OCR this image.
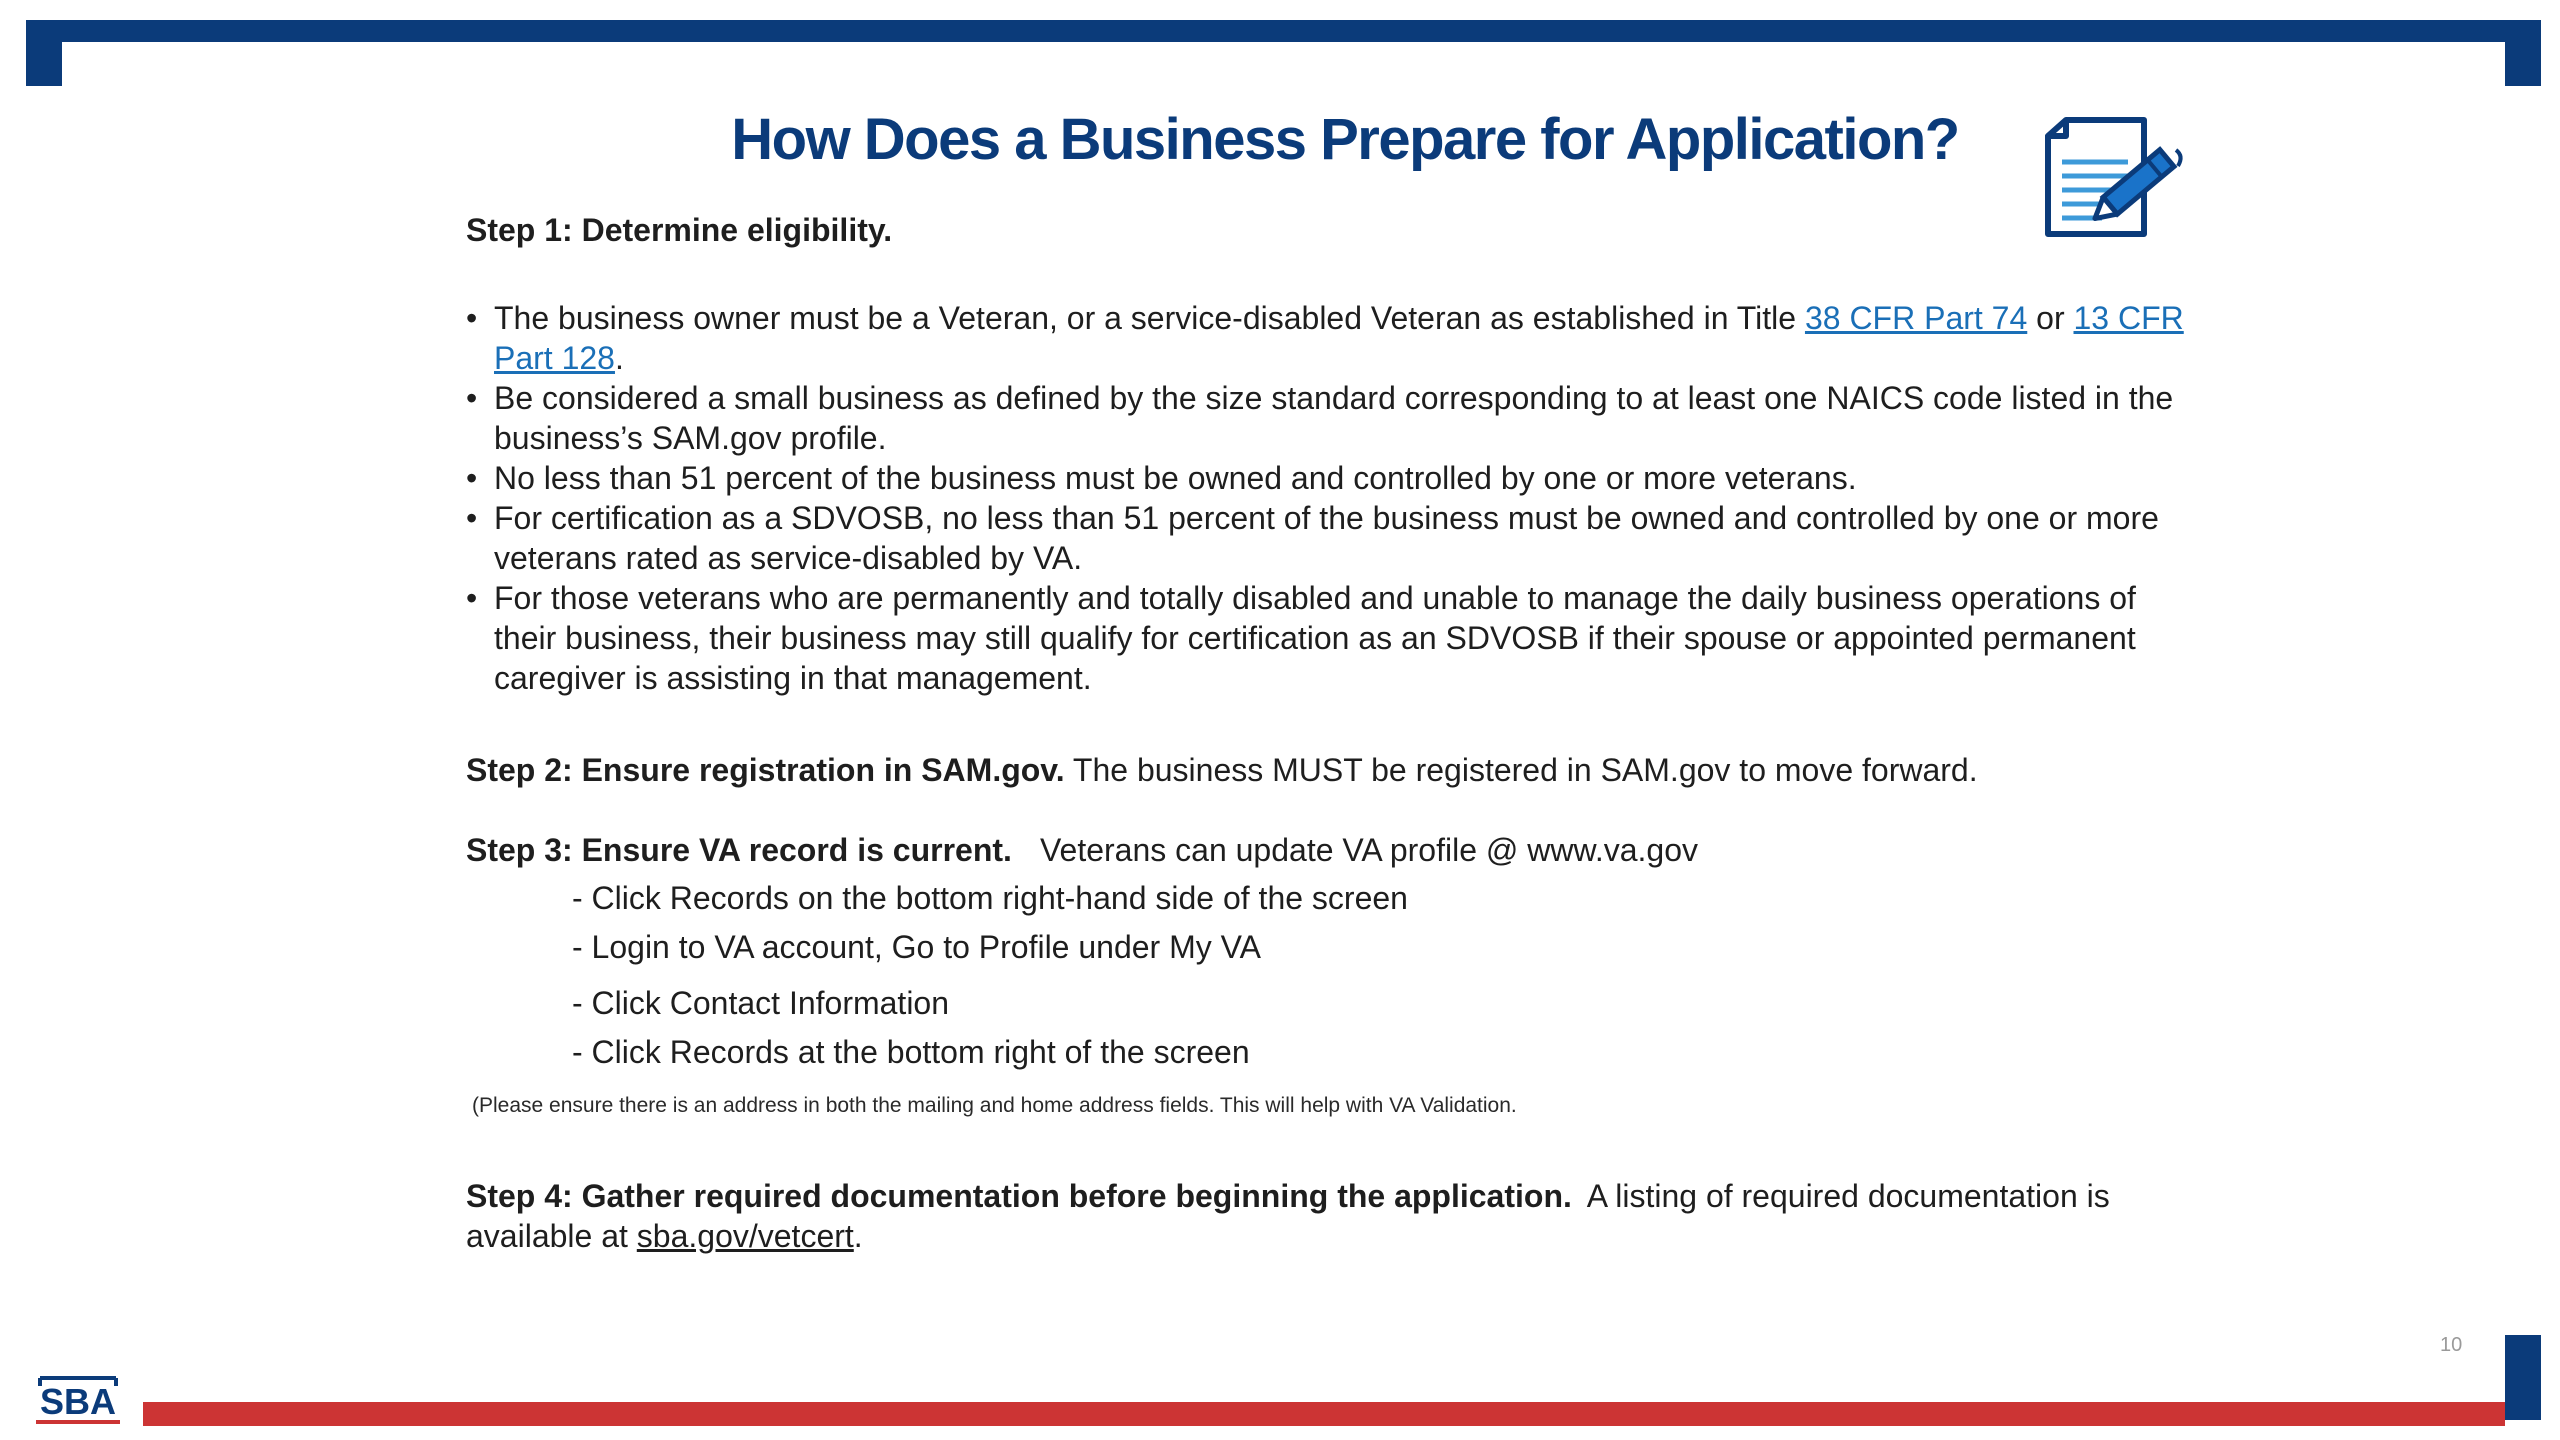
How Does a Business Prepare for Application?
Step 1: Determine eligibility.
• The business owner must be a Veteran, or a service-disabled Veteran as established in Title 38 CFR Part 74 or 13 CFR Part 128.
• Be considered a small business as defined by the size standard corresponding to at least one NAICS code listed in the business’s SAM.gov profile.
• No less than 51 percent of the business must be owned and controlled by one or more veterans.
• For certification as a SDVOSB, no less than 51 percent of the business must be owned and controlled by one or more veterans rated as service-disabled by VA.
• For those veterans who are permanently and totally disabled and unable to manage the daily business operations of their business, their business may still qualify for certification as an SDVOSB if their spouse or appointed permanent caregiver is assisting in that management.
Step 2: Ensure registration in SAM.gov. The business MUST be registered in SAM.gov to move forward.
Step 3: Ensure VA record is current. Veterans can update VA profile @ www.va.gov
- Click Records on the bottom right-hand side of the screen
- Login to VA account, Go to Profile under My VA
- Click Contact Information
- Click Records at the bottom right of the screen
(Please ensure there is an address in both the mailing and home address fields. This will help with VA Validation.
Step 4: Gather required documentation before beginning the application. A listing of required documentation is available at sba.gov/vetcert.
10
SBA
